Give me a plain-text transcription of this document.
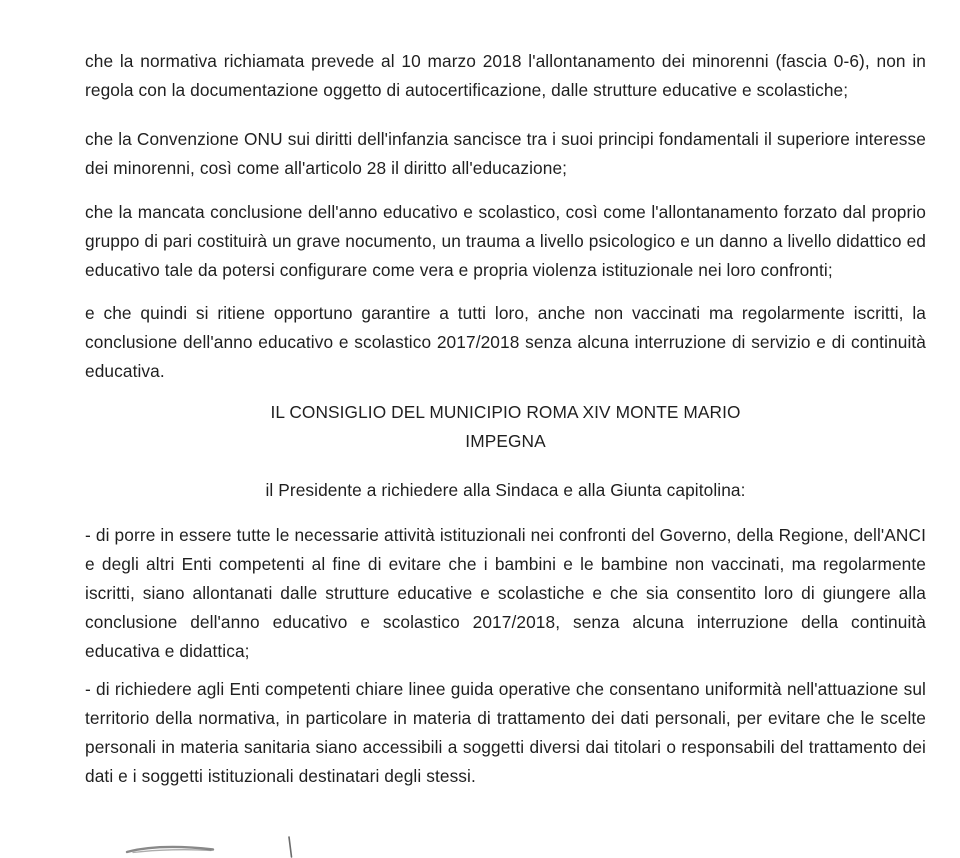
che la normativa richiamata prevede al 10 marzo 2018 l'allontanamento dei minorenni (fascia 0-6), non in regola con la documentazione oggetto di autocertificazione, dalle strutture educative e scolastiche;

che la Convenzione ONU sui diritti dell'infanzia sancisce tra i suoi principi fondamentali il superiore interesse dei minorenni, così come all'articolo 28 il diritto all'educazione;

che la mancata conclusione dell'anno educativo e scolastico, così come l'allontanamento forzato dal proprio gruppo di pari costituirà un grave nocumento, un trauma a livello psicologico e un danno a livello didattico ed educativo tale da potersi configurare come vera e propria violenza istituzionale nei loro confronti;

e che quindi si ritiene opportuno garantire a tutti loro, anche non vaccinati ma regolarmente iscritti, la conclusione dell'anno educativo e scolastico 2017/2018 senza alcuna interruzione di servizio e di continuità educativa.

IL CONSIGLIO DEL MUNICIPIO ROMA XIV MONTE MARIO
IMPEGNA

il Presidente a richiedere alla Sindaca e alla Giunta capitolina:

- di porre in essere tutte le necessarie attività istituzionali nei confronti del Governo, della Regione, dell'ANCI e degli altri Enti competenti al fine di evitare che i bambini e le bambine non vaccinati, ma regolarmente iscritti, siano allontanati dalle strutture educative e scolastiche e che sia consentito loro di giungere alla conclusione dell'anno educativo e scolastico 2017/2018, senza alcuna interruzione della continuità educativa e didattica;

- di richiedere agli Enti competenti chiare linee guida operative che consentano uniformità nell'attuazione sul territorio della normativa, in particolare in materia di trattamento dei dati personali, per evitare che le scelte personali in materia sanitaria siano accessibili a soggetti diversi dai titolari o responsabili del trattamento dei dati e i soggetti istituzionali destinatari degli stessi.
